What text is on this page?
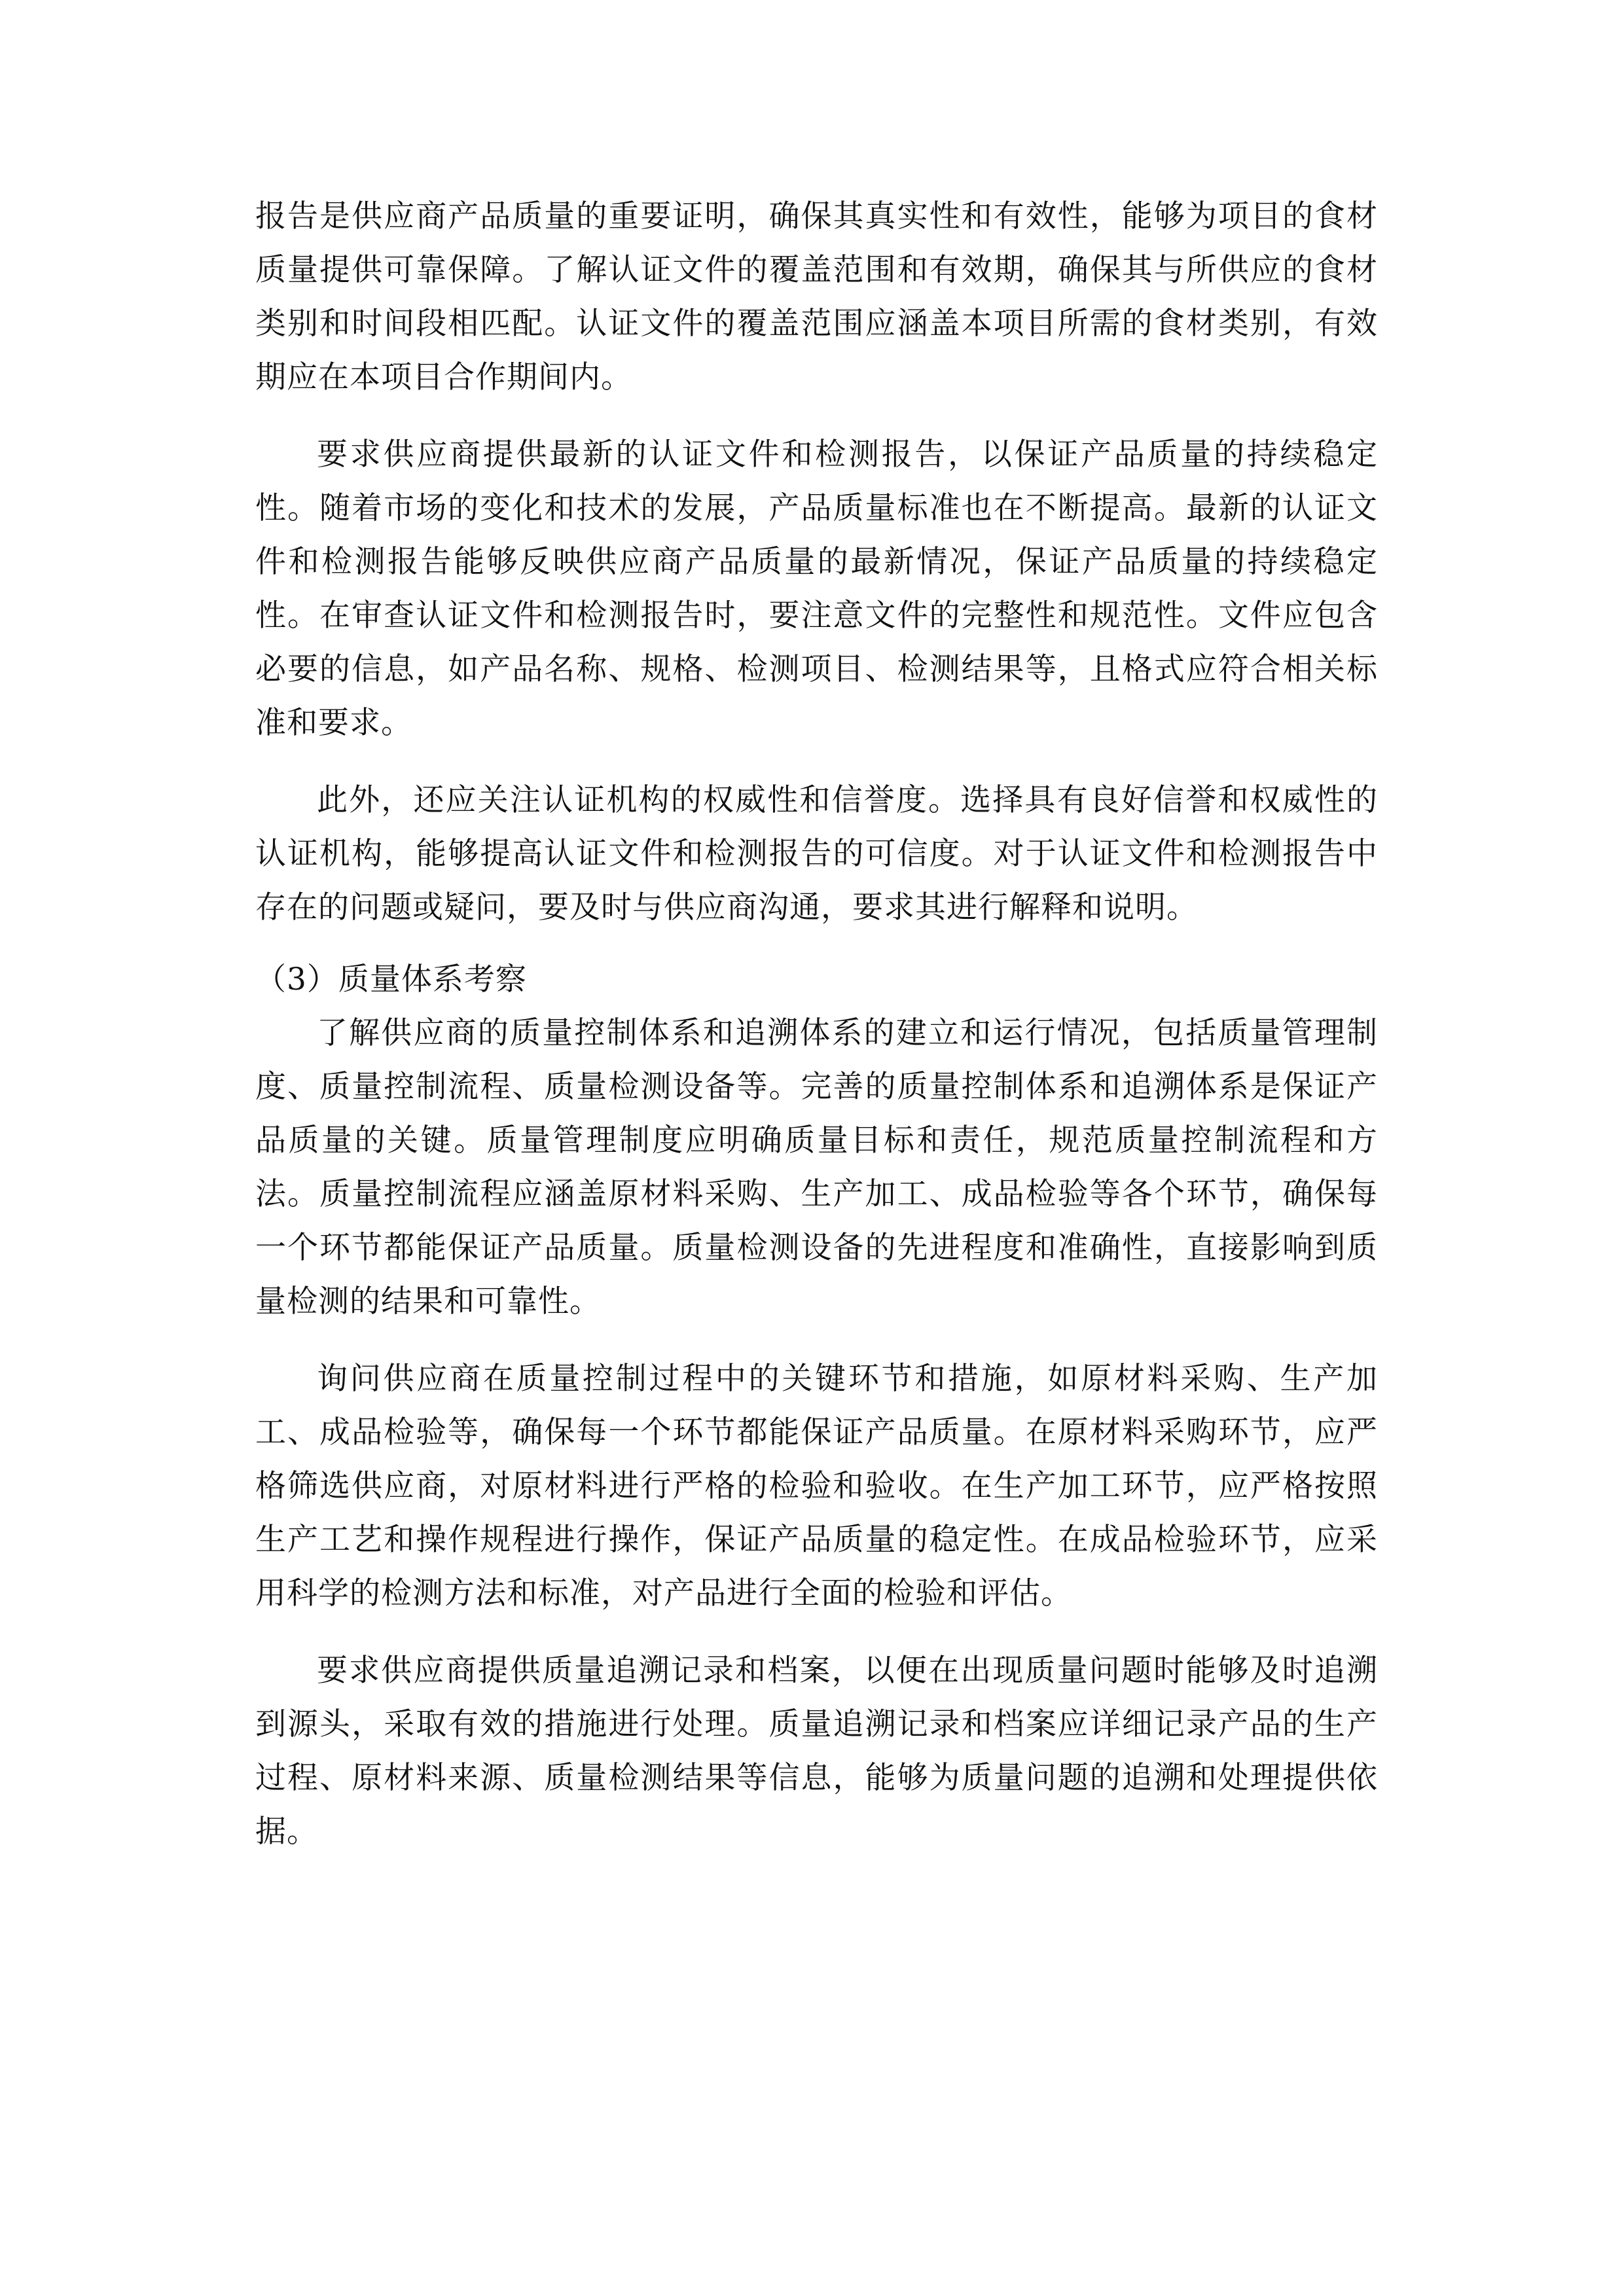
报告是供应商产品质量的重要证明，确保其真实性和有效性，能够为项目的食材质量提供可靠保障。了解认证文件的覆盖范围和有效期，确保其与所供应的食材类别和时间段相匹配。认证文件的覆盖范围应涵盖本项目所需的食材类别，有效期应在本项目合作期间内。

要求供应商提供最新的认证文件和检测报告，以保证产品质量的持续稳定性。随着市场的变化和技术的发展，产品质量标准也在不断提高。最新的认证文件和检测报告能够反映供应商产品质量的最新情况，保证产品质量的持续稳定性。在审查认证文件和检测报告时，要注意文件的完整性和规范性。文件应包含必要的信息，如产品名称、规格、检测项目、检测结果等，且格式应符合相关标准和要求。

此外，还应关注认证机构的权威性和信誉度。选择具有良好信誉和权威性的认证机构，能够提高认证文件和检测报告的可信度。对于认证文件和检测报告中存在的问题或疑问，要及时与供应商沟通，要求其进行解释和说明。

（3）质量体系考察

了解供应商的质量控制体系和追溯体系的建立和运行情况，包括质量管理制度、质量控制流程、质量检测设备等。完善的质量控制体系和追溯体系是保证产品质量的关键。质量管理制度应明确质量目标和责任，规范质量控制流程和方法。质量控制流程应涵盖原材料采购、生产加工、成品检验等各个环节，确保每一个环节都能保证产品质量。质量检测设备的先进程度和准确性，直接影响到质量检测的结果和可靠性。

询问供应商在质量控制过程中的关键环节和措施，如原材料采购、生产加工、成品检验等，确保每一个环节都能保证产品质量。在原材料采购环节，应严格筛选供应商，对原材料进行严格的检验和验收。在生产加工环节，应严格按照生产工艺和操作规程进行操作，保证产品质量的稳定性。在成品检验环节，应采用科学的检测方法和标准，对产品进行全面的检验和评估。

要求供应商提供质量追溯记录和档案，以便在出现质量问题时能够及时追溯到源头，采取有效的措施进行处理。质量追溯记录和档案应详细记录产品的生产过程、原材料来源、质量检测结果等信息，能够为质量问题的追溯和处理提供依据。
